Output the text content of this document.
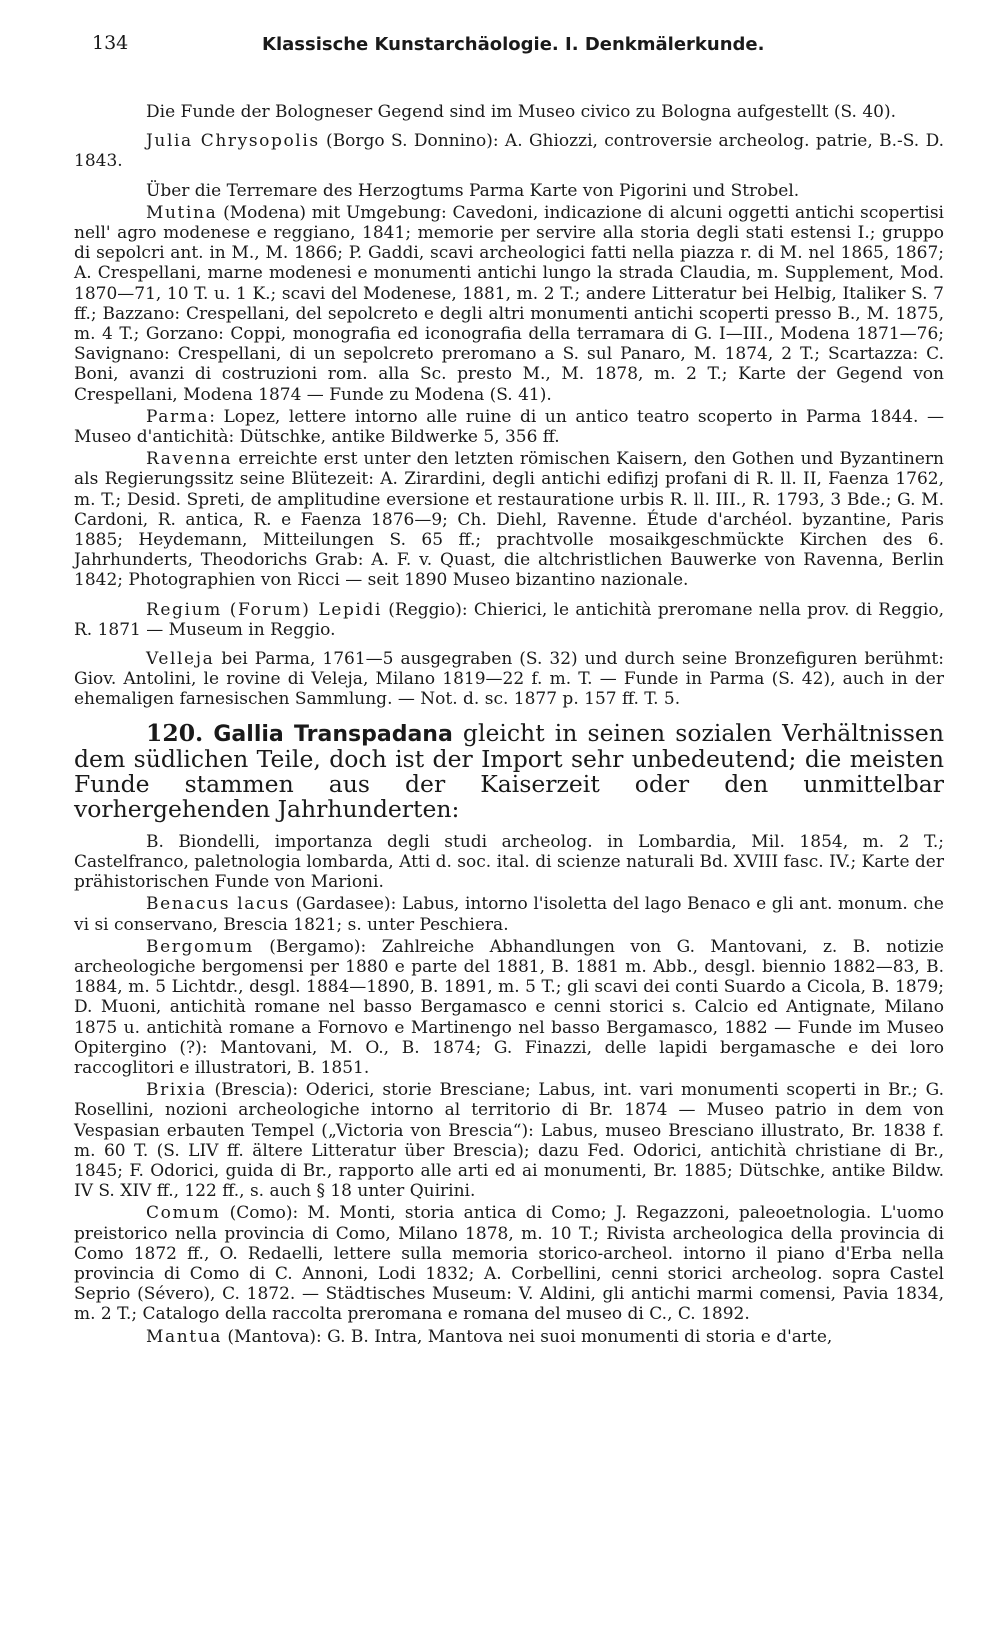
134	Klassische Kunstarchäologie. I. Denkmälerkunde.

Die Funde der Bologneser Gegend sind im Museo civico zu Bologna aufgestellt (S. 40).

Julia Chrysopolis (Borgo S. Donnino): A. Ghiozzi, controversie archeolog. patrie, B.-S. D. 1843.

Über die Terremare des Herzogtums Parma Karte von Pigorini und Strobel.

Mutina (Modena) mit Umgebung: Cavedoni, indicazione di alcuni oggetti antichi scopertisi nell' agro modenese e reggiano, 1841; memorie per servire alla storia degli stati estensi I.; gruppo di sepolcri ant. in M., M. 1866; P. Gaddi, scavi archeologici fatti nella piazza r. di M. nel 1865, 1867; A. Crespellani, marne modenesi e monumenti antichi lungo la strada Claudia, m. Supplement, Mod. 1870—71, 10 T. u. 1 K.; scavi del Modenese, 1881, m. 2 T.; andere Litteratur bei Helbig, Italiker S. 7 ff.; Bazzano: Crespellani, del sepolcreto e degli altri monumenti antichi scoperti presso B., M. 1875, m. 4 T.; Gorzano: Coppi, monografia ed iconografia della terramara di G. I—III., Modena 1871—76; Savignano: Crespellani, di un sepolcreto preromano a S. sul Panaro, M. 1874, 2 T.; Scartazza: C. Boni, avanzi di costruzioni rom. alla Sc. presto M., M. 1878, m. 2 T.; Karte der Gegend von Crespellani, Modena 1874 — Funde zu Modena (S. 41).

Parma: Lopez, lettere intorno alle ruine di un antico teatro scoperto in Parma 1844. — Museo d'antichità: Dütschke, antike Bildwerke 5, 356 ff.

Ravenna erreichte erst unter den letzten römischen Kaisern, den Gothen und Byzantinern als Regierungssitz seine Blütezeit: A. Zirardini, degli antichi edifizj profani di R. ll. II, Faenza 1762, m. T.; Desid. Spreti, de amplitudine eversione et restauratione urbis R. ll. III., R. 1793, 3 Bde.; G. M. Cardoni, R. antica, R. e Faenza 1876—9; Ch. Diehl, Ravenne. Étude d'archéol. byzantine, Paris 1885; Heydemann, Mitteilungen S. 65 ff.; prachtvolle mosaikgeschmückte Kirchen des 6. Jahrhunderts, Theodorichs Grab: A. F. v. Quast, die altchristlichen Bauwerke von Ravenna, Berlin 1842; Photographien von Ricci — seit 1890 Museo bizantino nazionale.

Regium (Forum) Lepidi (Reggio): Chierici, le antichità preromane nella prov. di Reggio, R. 1871 — Museum in Reggio.

Velleja bei Parma, 1761—5 ausgegraben (S. 32) und durch seine Bronzefiguren berühmt: Giov. Antolini, le rovine di Veleja, Milano 1819—22 f. m. T. — Funde in Parma (S. 42), auch in der ehemaligen farnesischen Sammlung. — Not. d. sc. 1877 p. 157 ff. T. 5.

120. Gallia Transpadana gleicht in seinen sozialen Verhältnissen dem südlichen Teile, doch ist der Import sehr unbedeutend; die meisten Funde stammen aus der Kaiserzeit oder den unmittelbar vorhergehenden Jahrhunderten:

B. Biondelli, importanza degli studi archeolog. in Lombardia, Mil. 1854, m. 2 T.; Castelfranco, paletnologia lombarda, Atti d. soc. ital. di scienze naturali Bd. XVIII fasc. IV.; Karte der prähistorischen Funde von Marioni.

Benacus lacus (Gardasee): Labus, intorno l'isoletta del lago Benaco e gli ant. monum. che vi si conservano, Brescia 1821; s. unter Peschiera.

Bergomum (Bergamo): Zahlreiche Abhandlungen von G. Mantovani, z. B. notizie archeologiche bergomensi per 1880 e parte del 1881, B. 1881 m. Abb., desgl. biennio 1882—83, B. 1884, m. 5 Lichtdr., desgl. 1884—1890, B. 1891, m. 5 T.; gli scavi dei conti Suardo a Cicola, B. 1879; D. Muoni, antichità romane nel basso Bergamasco e cenni storici s. Calcio ed Antignate, Milano 1875 u. antichità romane a Fornovo e Martinengo nel basso Bergamasco, 1882 — Funde im Museo Opitergino (?): Mantovani, M. O., B. 1874; G. Finazzi, delle lapidi bergamasche e dei loro raccoglitori e illustratori, B. 1851.

Brixia (Brescia): Oderici, storie Bresciane; Labus, int. vari monumenti scoperti in Br.; G. Rosellini, nozioni archeologiche intorno al territorio di Br. 1874 — Museo patrio in dem von Vespasian erbauten Tempel („Victoria von Brescia“): Labus, museo Bresciano illustrato, Br. 1838 f. m. 60 T. (S. LIV ff. ältere Litteratur über Brescia); dazu Fed. Odorici, antichità christiane di Br., 1845; F. Odorici, guida di Br., rapporto alle arti ed ai monumenti, Br. 1885; Dütschke, antike Bildw. IV S. XIV ff., 122 ff., s. auch § 18 unter Quirini.

Comum (Como): M. Monti, storia antica di Como; J. Regazzoni, paleoetnologia. L'uomo preistorico nella provincia di Como, Milano 1878, m. 10 T.; Rivista archeologica della provincia di Como 1872 ff., O. Redaelli, lettere sulla memoria storico-archeol. intorno il piano d'Erba nella provincia di Como di C. Annoni, Lodi 1832; A. Corbellini, cenni storici archeolog. sopra Castel Seprio (Sévero), C. 1872. — Städtisches Museum: V. Aldini, gli antichi marmi comensi, Pavia 1834, m. 2 T.; Catalogo della raccolta preromana e romana del museo di C., C. 1892.

Mantua (Mantova): G. B. Intra, Mantova nei suoi monumenti di storia e d'arte,
